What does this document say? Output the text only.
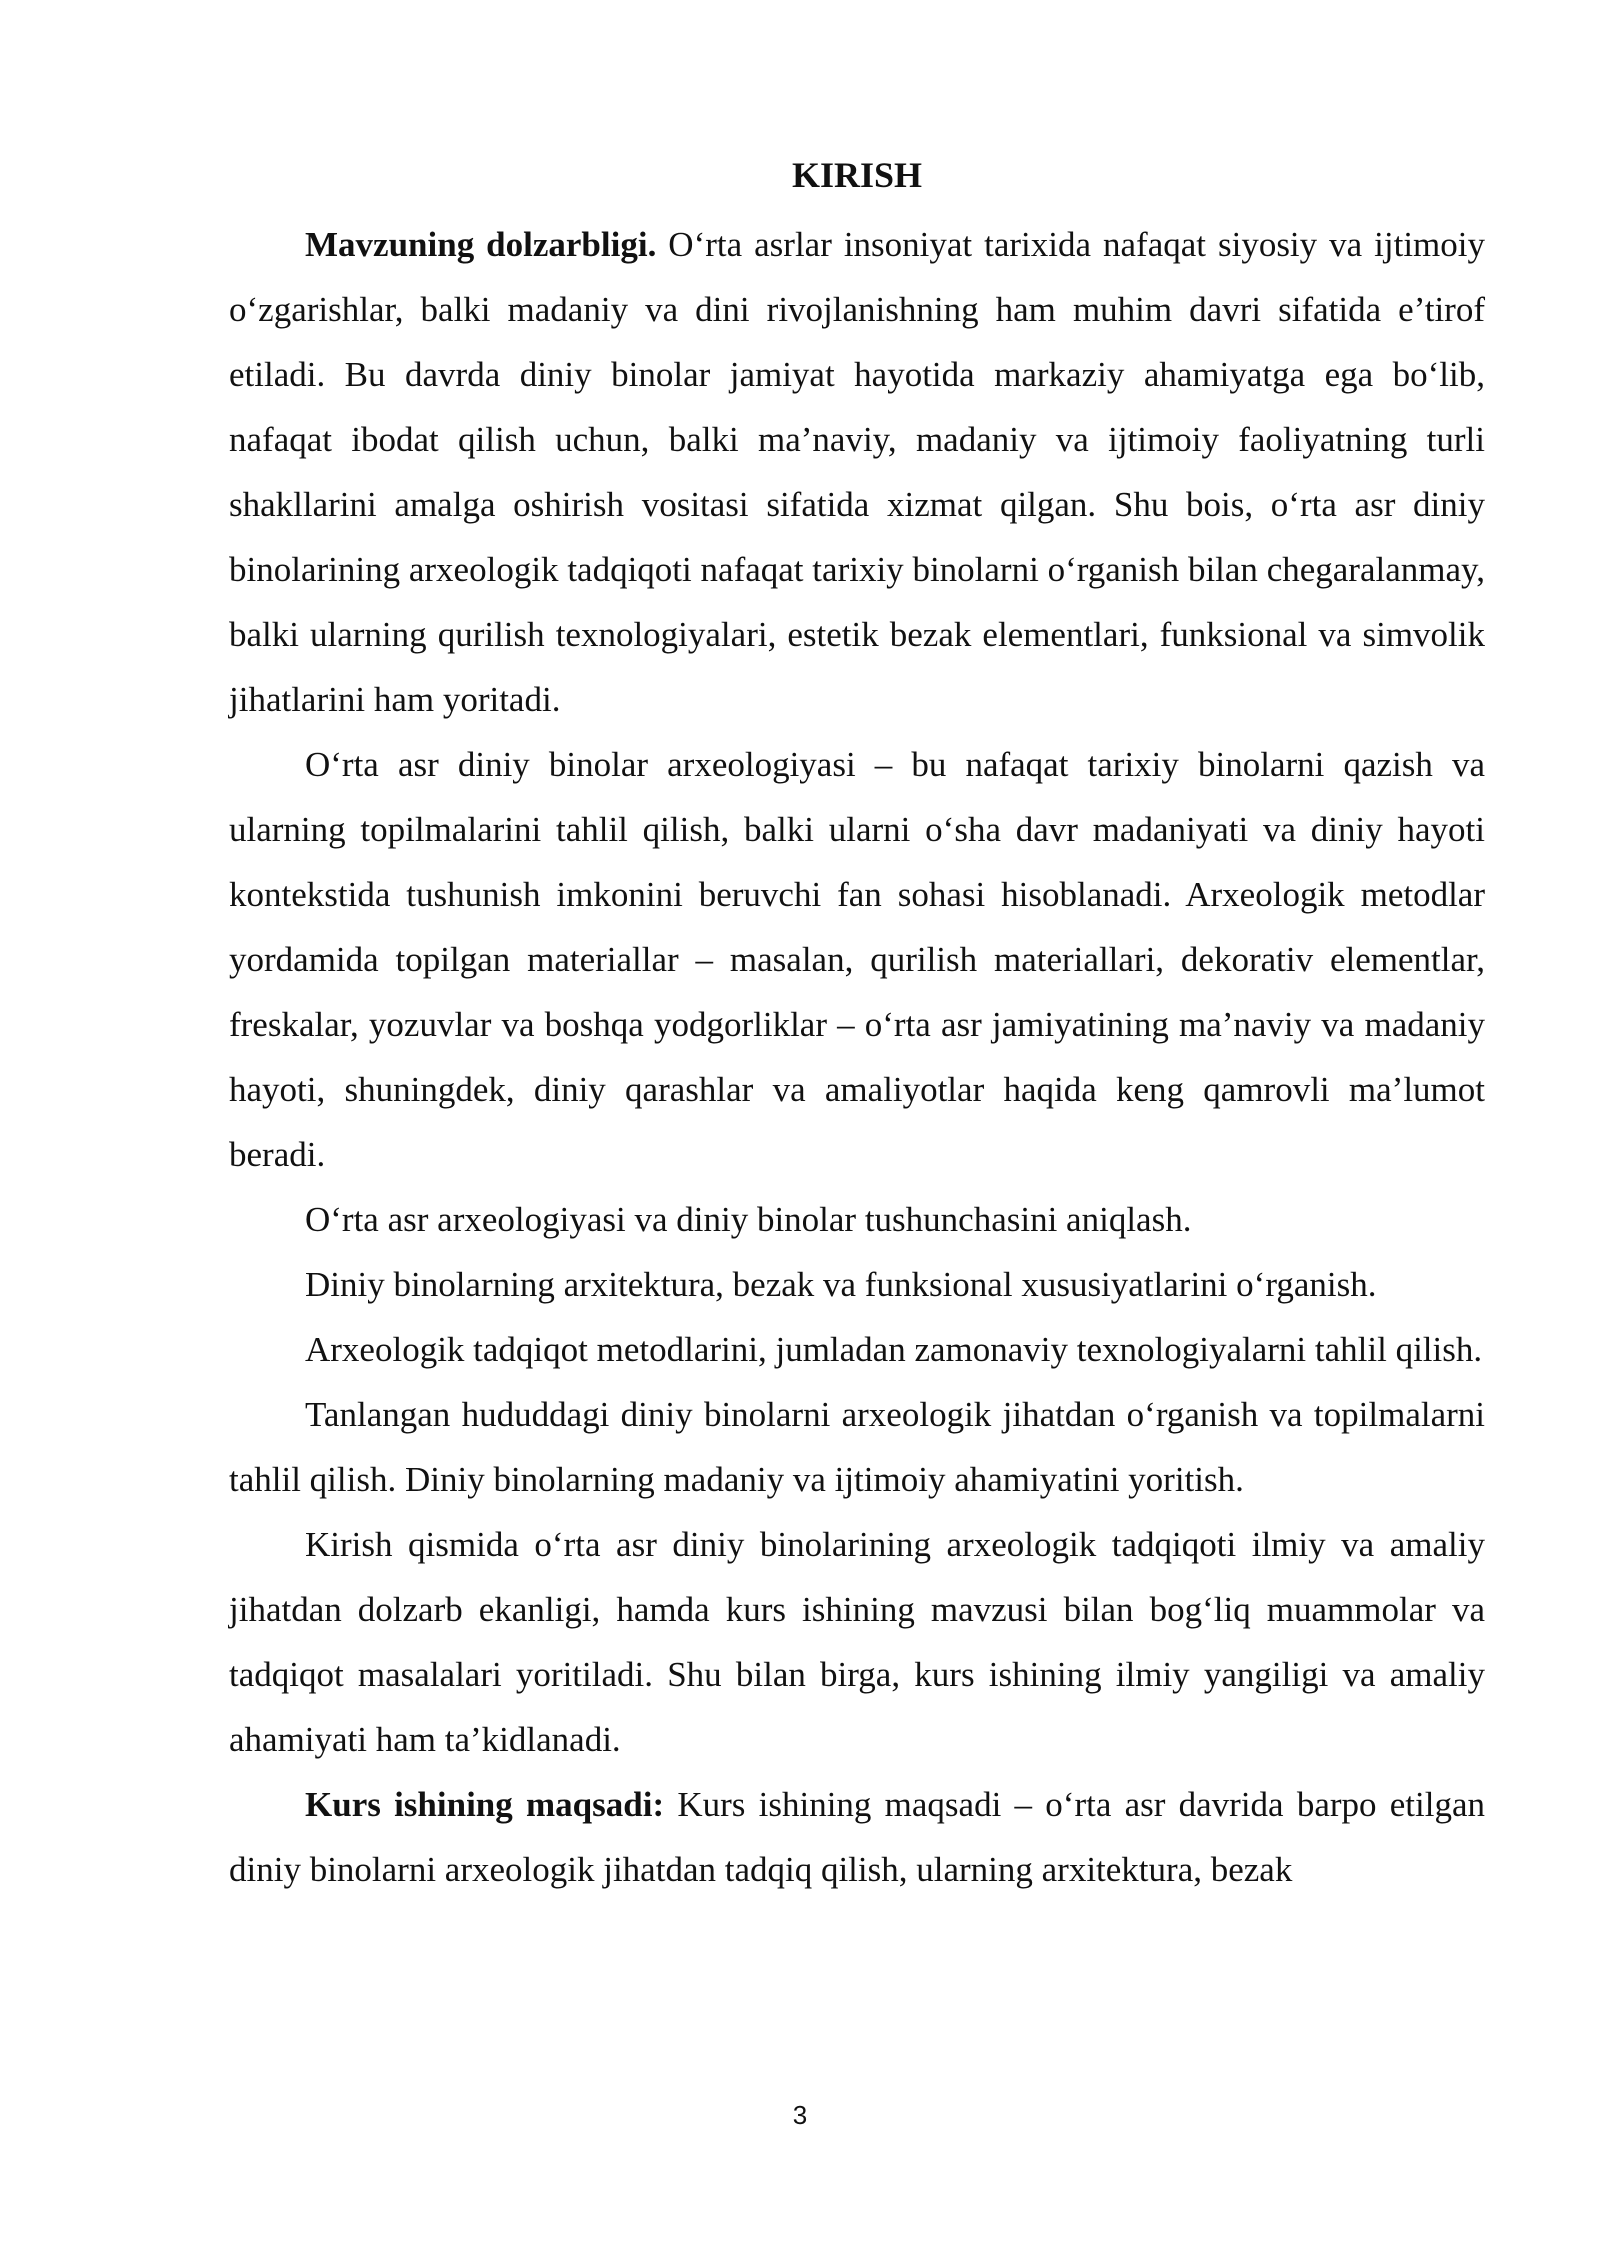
KIRISH

Mavzuning dolzarbligi. O‘rta asrlar insoniyat tarixida nafaqat siyosiy va ijtimoiy o‘zgarishlar, balki madaniy va dini rivojlanishning ham muhim davri sifatida e’tirof etiladi. Bu davrda diniy binolar jamiyat hayotida markaziy ahamiyatga ega bo‘lib, nafaqat ibodat qilish uchun, balki ma’naviy, madaniy va ijtimoiy faoliyatning turli shakllarini amalga oshirish vositasi sifatida xizmat qilgan. Shu bois, o‘rta asr diniy binolarining arxeologik tadqiqoti nafaqat tarixiy binolarni o‘rganish bilan chegaralanmay, balki ularning qurilish texnologiyalari, estetik bezak elementlari, funksional va simvolik jihatlarini ham yoritadi.

O‘rta asr diniy binolar arxeologiyasi – bu nafaqat tarixiy binolarni qazish va ularning topilmalarini tahlil qilish, balki ularni o‘sha davr madaniyati va diniy hayoti kontekstida tushunish imkonini beruvchi fan sohasi hisoblanadi. Arxeologik metodlar yordamida topilgan materiallar – masalan, qurilish materiallari, dekorativ elementlar, freskalar, yozuvlar va boshqa yodgorliklar – o‘rta asr jamiyatining ma’naviy va madaniy hayoti, shuningdek, diniy qarashlar va amaliyotlar haqida keng qamrovli ma’lumot beradi.

O‘rta asr arxeologiyasi va diniy binolar tushunchasini aniqlash.

Diniy binolarning arxitektura, bezak va funksional xususiyatlarini o‘rganish.

Arxeologik tadqiqot metodlarini, jumladan zamonaviy texnologiyalarni tahlil qilish.

Tanlangan hududdagi diniy binolarni arxeologik jihatdan o‘rganish va topilmalarni tahlil qilish. Diniy binolarning madaniy va ijtimoiy ahamiyatini yoritish.

Kirish qismida o‘rta asr diniy binolarining arxeologik tadqiqoti ilmiy va amaliy jihatdan dolzarb ekanligi, hamda kurs ishining mavzusi bilan bog‘liq muammolar va tadqiqot masalalari yoritiladi. Shu bilan birga, kurs ishining ilmiy yangiligi va amaliy ahamiyati ham ta’kidlanadi.

Kurs ishining maqsadi: Kurs ishining maqsadi – o‘rta asr davrida barpo etilgan diniy binolarni arxeologik jihatdan tadqiq qilish, ularning arxitektura, bezak

3
